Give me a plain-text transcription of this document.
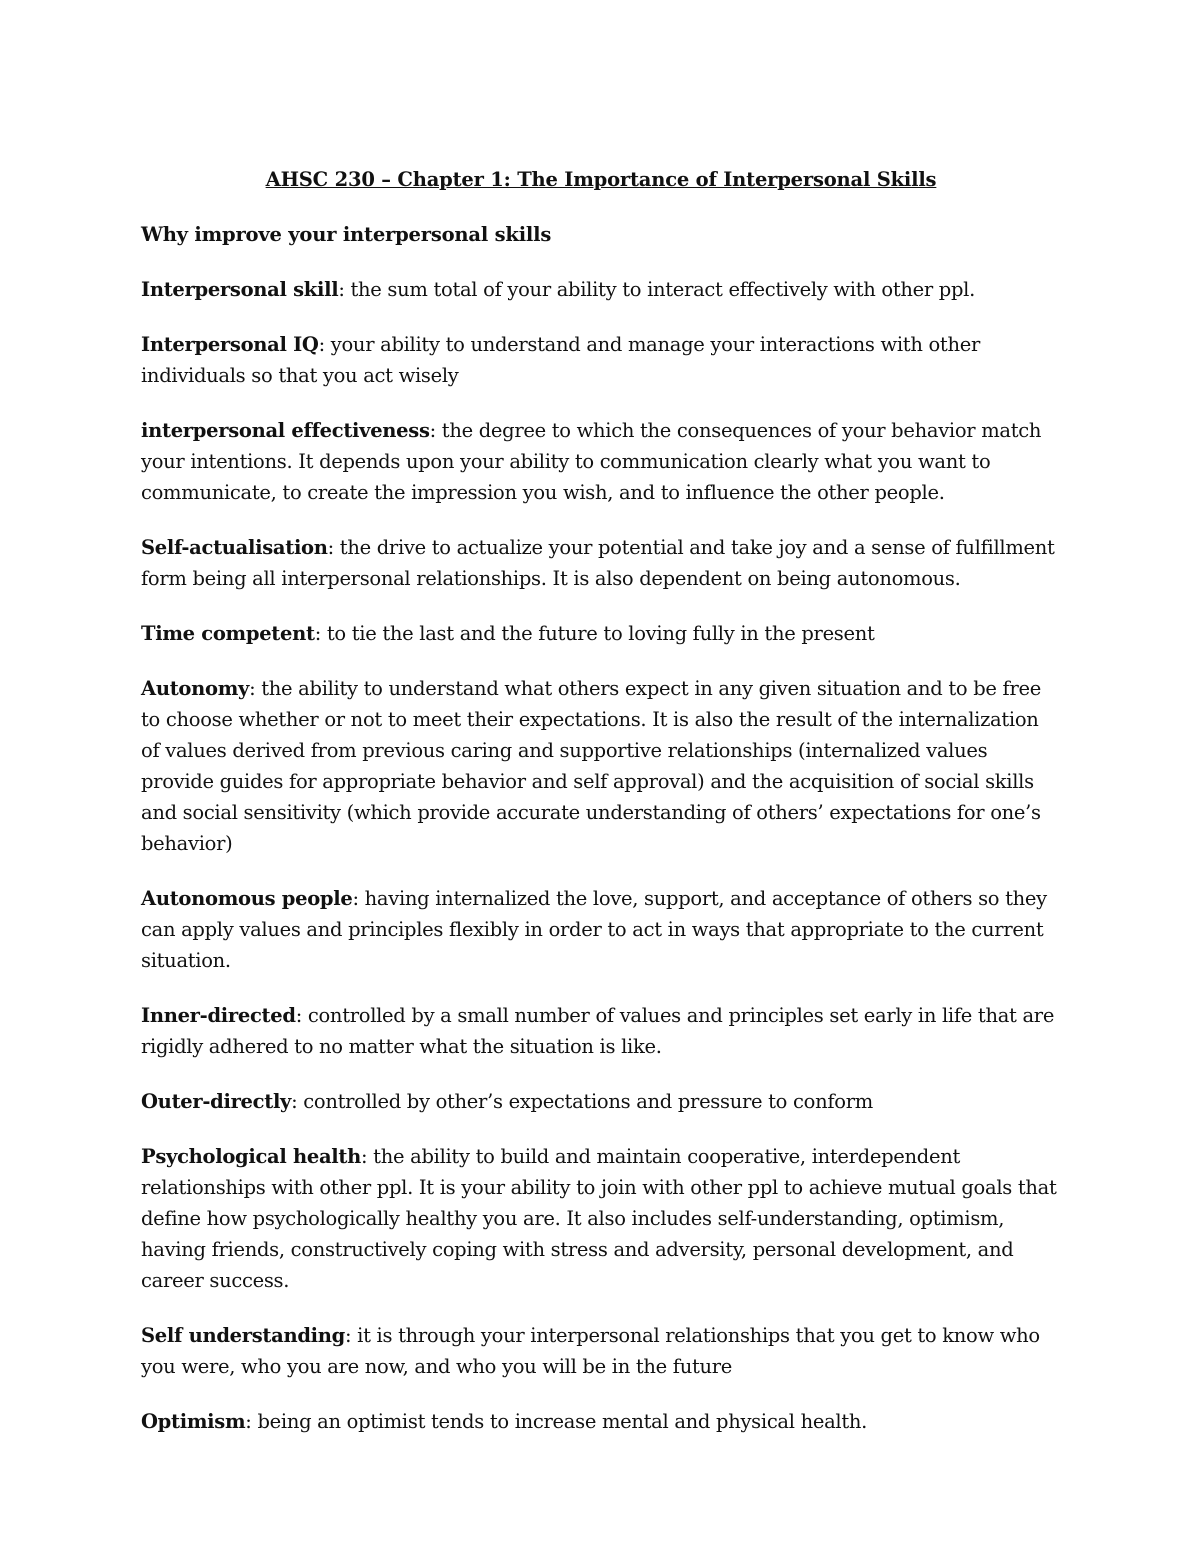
AHSC 230 – Chapter 1: The Importance of Interpersonal Skills

Why improve your interpersonal skills

Interpersonal skill: the sum total of your ability to interact effectively with other ppl.

Interpersonal IQ: your ability to understand and manage your interactions with other individuals so that you act wisely

interpersonal effectiveness: the degree to which the consequences of your behavior match your intentions. It depends upon your ability to communication clearly what you want to communicate, to create the impression you wish, and to influence the other people.

Self-actualisation: the drive to actualize your potential and take joy and a sense of fulfillment form being all interpersonal relationships. It is also dependent on being autonomous.

Time competent: to tie the last and the future to loving fully in the present

Autonomy: the ability to understand what others expect in any given situation and to be free to choose whether or not to meet their expectations. It is also the result of the internalization of values derived from previous caring and supportive relationships (internalized values provide guides for appropriate behavior and self approval) and the acquisition of social skills and social sensitivity (which provide accurate understanding of others’ expectations for one’s behavior)

Autonomous people: having internalized the love, support, and acceptance of others so they can apply values and principles flexibly in order to act in ways that appropriate to the current situation.

Inner-directed: controlled by a small number of values and principles set early in life that are rigidly adhered to no matter what the situation is like.

Outer-directly: controlled by other’s expectations and pressure to conform

Psychological health: the ability to build and maintain cooperative, interdependent relationships with other ppl. It is your ability to join with other ppl to achieve mutual goals that define how psychologically healthy you are. It also includes self-understanding, optimism, having friends, constructively coping with stress and adversity, personal development, and career success.

Self understanding: it is through your interpersonal relationships that you get to know who you were, who you are now, and who you will be in the future

Optimism: being an optimist tends to increase mental and physical health.
